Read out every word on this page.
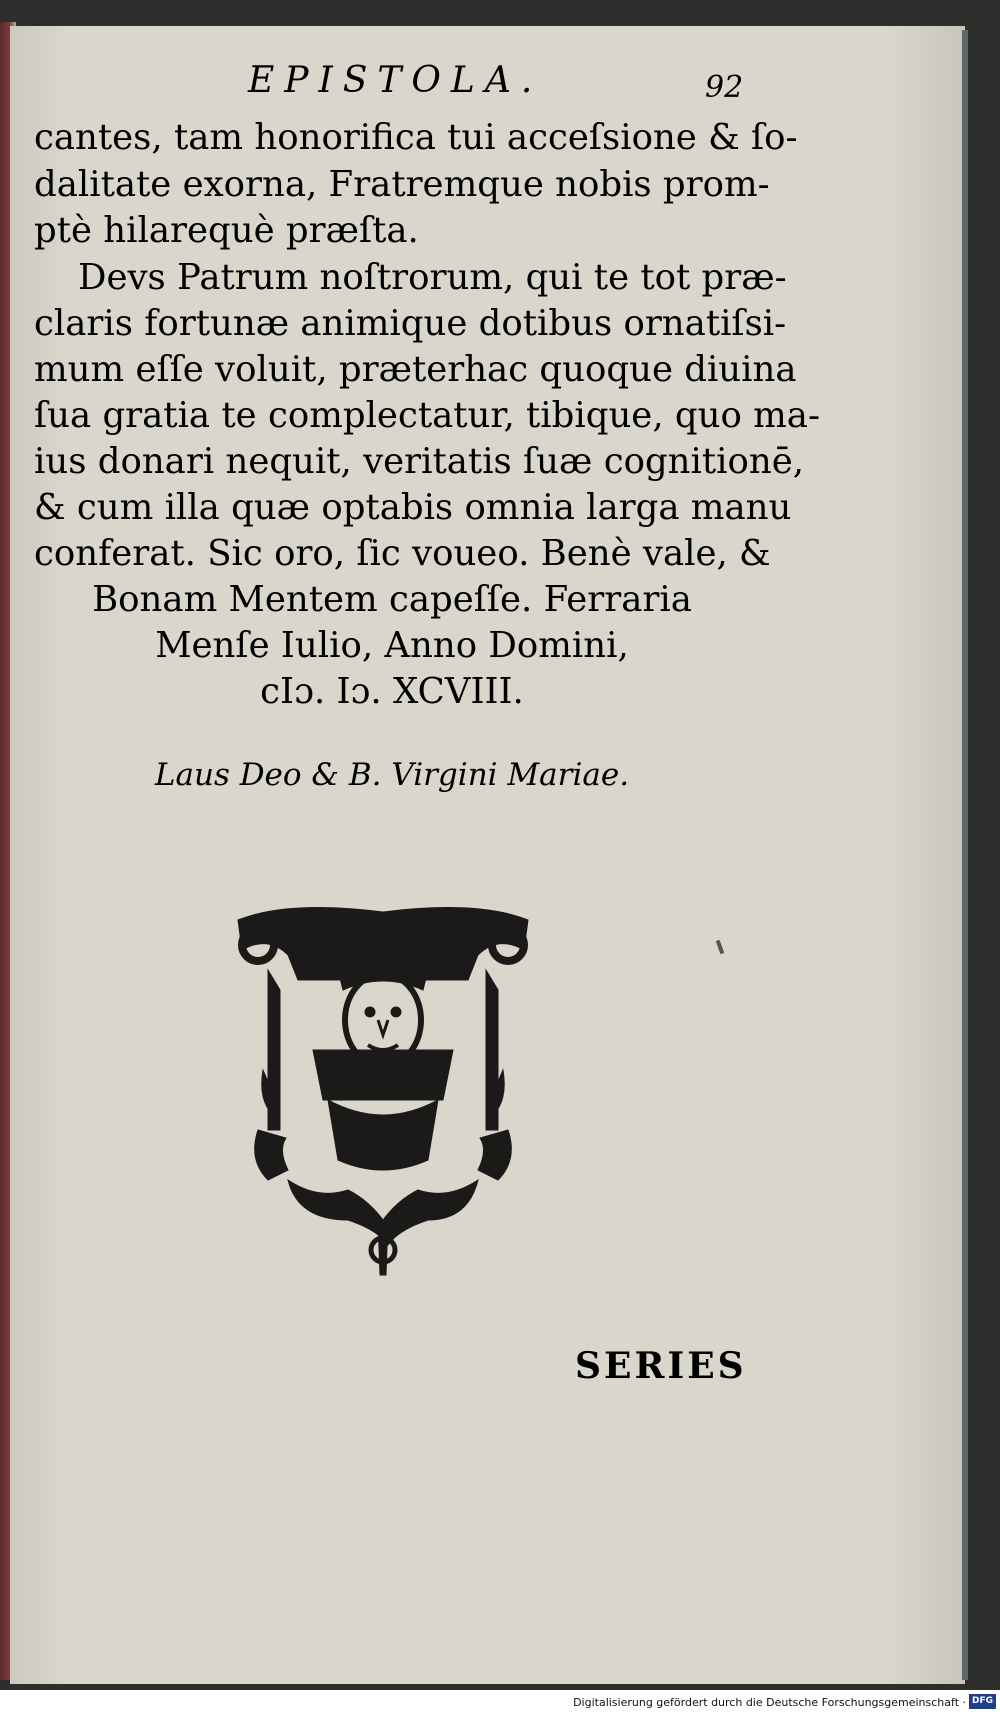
EPISTOLA.	92
cantes, tam honorifica tui acceſsione & ſo-
dalitate exorna, Fratremque nobis prom-
ptè hilarequè præſta.
Devs Patrum noſtrorum, qui te tot præ-
claris fortunæ animique dotibus ornatiſsi-
mum eſſe voluit, præterhac quoque diuina
ſua gratia te complectatur, tibique, quo ma-
ius donari nequit, veritatis ſuæ cognitionē,
& cum illa quæ optabis omnia larga manu
conferat. Sic oro, ſic voueo. Benè vale, &
Bonam Mentem capeſſe. Ferraria
Menſe Iulio, Anno Domini,
cIɔ. Iɔ. XCVIII.
Laus Deo & B. Virgini Mariae.
SERIES
Digitalisierung gefördert durch die Deutsche Forschungsgemeinschaft · DFG
